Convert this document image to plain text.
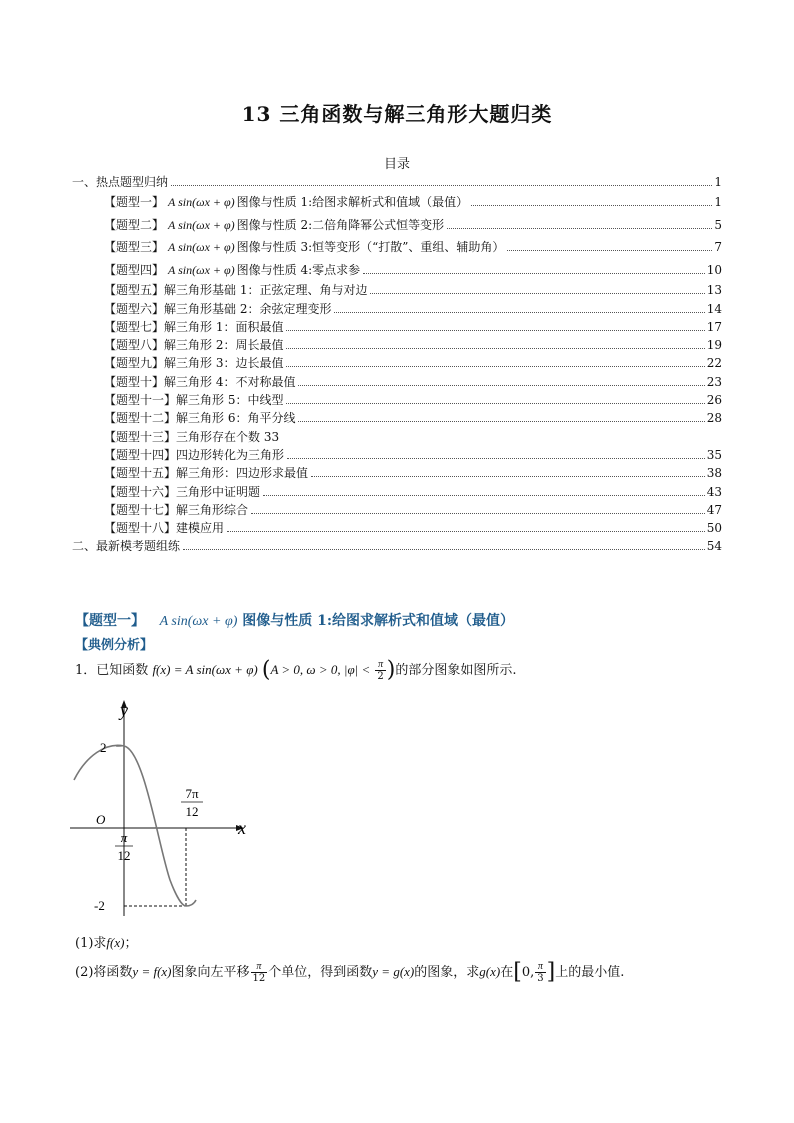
13 三角函数与解三角形大题归类
目录
一、热点题型归纳	1
【题型一】 A sin(ωx + φ) 图像与性质 1:给图求解析式和值域（最值）	1
【题型二】 A sin(ωx + φ) 图像与性质 2:二倍角降幂公式恒等变形	5
【题型三】 A sin(ωx + φ) 图像与性质 3:恒等变形（“打散”、重组、辅助角）	7
【题型四】 A sin(ωx + φ) 图像与性质 4:零点求参	10
【题型五】解三角形基础 1：正弦定理、角与对边	13
【题型六】解三角形基础 2：余弦定理变形	14
【题型七】解三角形 1：面积最值	17
【题型八】解三角形 2：周长最值	19
【题型九】解三角形 3：边长最值	22
【题型十】解三角形 4：不对称最值	23
【题型十一】解三角形 5：中线型	26
【题型十二】解三角形 6：角平分线	28
【题型十三】三角形存在个数 33
【题型十四】四边形转化为三角形	35
【题型十五】解三角形：四边形求最值	38
【题型十六】三角形中证明题	43
【题型十七】解三角形综合	47
【题型十八】建模应用	50
二、最新模考题组练	54
【题型一】 A sin(ωx + φ) 图像与性质 1:给图求解析式和值域（最值）
【典例分析】
1．已知函数 f(x) = A sin(ωx + φ) (A > 0, ω > 0, $|\varphi| < \frac{\pi}{2}$ )的部分图象如图所示.
y
x
O
2
-2
π
12
7π
12
(1)求f(x)；
(2)将函数y = f(x)图象向左平移 $\frac{\pi}{12}$ 个单位，得到函数y = g(x)的图象，求g(x)在[0, $\frac{\pi}{3}$ ]上的最小值.
